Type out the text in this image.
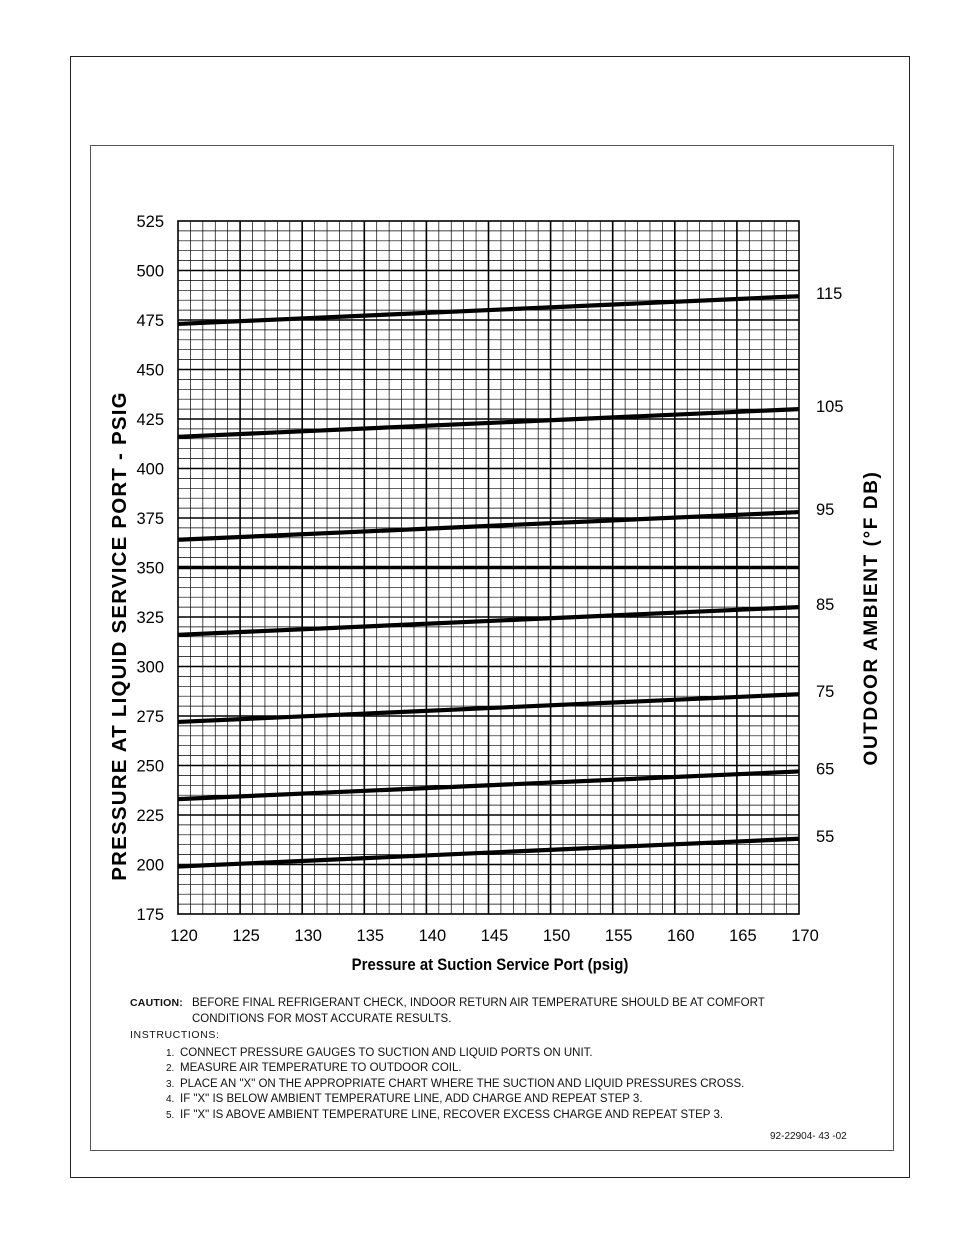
525
500
475
450
425
400
375
350
325
300
275
250
225
200
175
120 125 130 135 140 145 150 155 160 165 170
115
105
95
85
75
65
55
Pressure at Suction Service Port (psig)
PRESSURE AT LIQUID SERVICE PORT - PSIG	OUTDOOR AMBIENT (°F DB)
CAUTION: BEFORE FINAL REFRIGERANT CHECK, INDOOR RETURN AIR TEMPERATURE SHOULD BE AT COMFORT
CONDITIONS FOR MOST ACCURATE RESULTS.
INSTRUCTIONS:
1. CONNECT PRESSURE GAUGES TO SUCTION AND LIQUID PORTS ON UNIT.
2. MEASURE AIR TEMPERATURE TO OUTDOOR COIL.
3. PLACE AN "X" ON THE APPROPRIATE CHART WHERE THE SUCTION AND LIQUID PRESSURES CROSS.
4. IF "X" IS BELOW AMBIENT TEMPERATURE LINE, ADD CHARGE AND REPEAT STEP 3.
5. IF "X" IS ABOVE AMBIENT TEMPERATURE LINE, RECOVER EXCESS CHARGE AND REPEAT STEP 3.
92-22904- 43 -02
